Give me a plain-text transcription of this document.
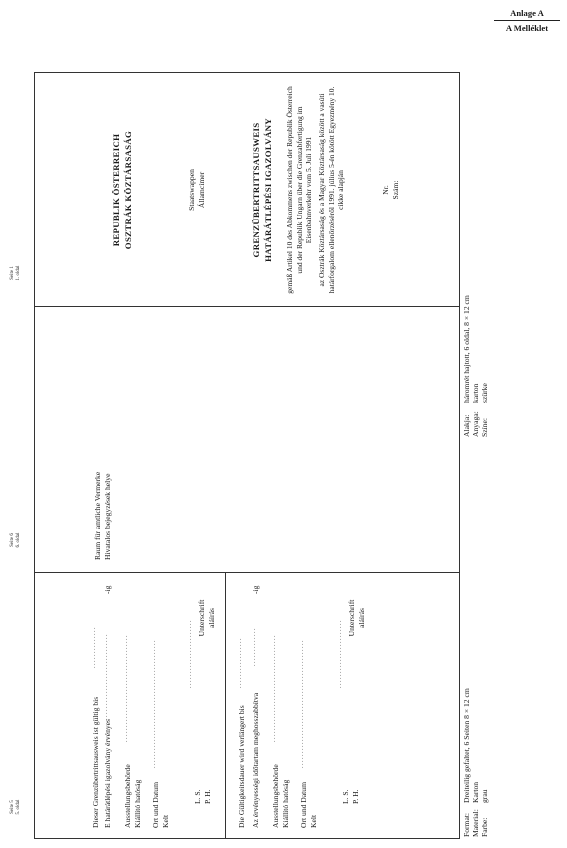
Anlage A
A Melléklet
Seite 5 5. oldal
Seite 6 6. oldal
Seite 1 1. oldal
Dieser Grenzübertrittsausweis ist gültig bis
..............
E határátlépési igazolvány érvényes
.............................
-ig
Ausstellungsbehörde
....................................
Kiállító hatóság Ort und Datum
...........................................
Kelt
L. S. P. H.
.......................
Unterschrift aláírás
Die Gültigkeitsdauer wird verlängert bis
.................
Az érvényességi időtartam meghosszabbítva
.............
-ig
Ausstellungsbehörde
....................................
Kiállító hatóság Ort und Datum
...........................................
Kelt
L. S. P. H.
.......................
Unterschrift aláírás
Raum für amtliche Vermerke Hivatalos bejegyzések helye
REPUBLIK ÖSTERREICH OSZTRÁK KÖZTÁRSASÁG	Staatswappen Államcímer	GRENZÜBERTRITTSAUSWEIS HATÁRÁTLÉPÉSI IGAZOLVÁNY gemäß Artikel 10 des Abkommens zwischen der Republik Österreich und der Republik Ungarn über die Grenzabfertigung im Eisenbahnverkehr vom 5. Juli 1991 az Osztrák Köztársaság és a Magyar Köztársaság között a vasúti határforgalom ellenőrzéséről 1991. július 5-én kötött Egyezmény 10. cikke alapján	Nr. Szám:
Format:Dreiteilig gefaltet, 6 Seiten 8 × 12 cm
Material:Karton
Farbe:grau
Alakja:háromrét hajtott, 6 oldal, 8 × 12 cm
Anyaga:karton
Színe:szürke
